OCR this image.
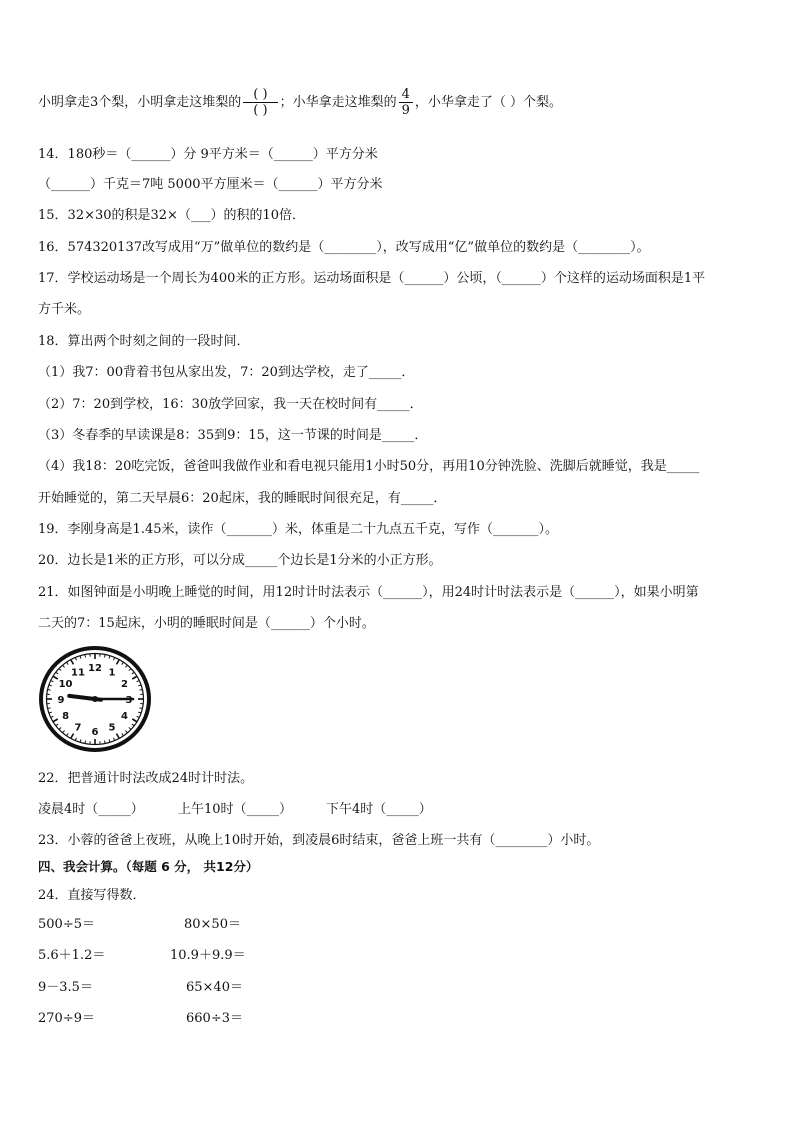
小明拿走3个梨，小明拿走这堆梨的 $\frac{( )}{( )}$ ；小华拿走这堆梨的 $\frac{4}{9}$ ，小华拿走了（ ）个梨。
14．180秒＝（______）分 9平方米＝（______）平方分米
（______）千克＝7吨 5000平方厘米＝（______）平方分米
15．32×30的积是32×（___）的积的10倍．
16．574320137改写成用“万”做单位的数约是（________），改写成用“亿”做单位的数约是（________）。
17．学校运动场是一个周长为400米的正方形。运动场面积是（______）公顷，（______）个这样的运动场面积是1平
方千米。
18．算出两个时刻之间的一段时间．
（1）我7：00背着书包从家出发，7：20到达学校，走了_____．
（2）7：20到学校，16：30放学回家，我一天在校时间有_____．
（3）冬春季的早读课是8：35到9：15，这一节课的时间是_____．
（4）我18：20吃完饭，爸爸叫我做作业和看电视只能用1小时50分，再用10分钟洗脸、洗脚后就睡觉，我是_____
开始睡觉的，第二天早晨6：20起床，我的睡眠时间很充足，有_____．
19．李刚身高是1.45米，读作（_______）米，体重是二十九点五千克，写作（_______）。
20．边长是1米的正方形，可以分成_____个边长是1分米的小正方形。
21．如图钟面是小明晚上睡觉的时间，用12时计时法表示（______），用24时计时法表示是（______），如果小明第
二天的7：15起床，小明的睡眠时间是（______）个小时。
12 1
2
3
4
5
6
7
8
9
10
11
22．把普通计时法改成24时计时法。
凌晨4时（_____）	上午10时（_____）	下午4时（_____）
23．小蓉的爸爸上夜班，从晚上10时开始，到凌晨6时结束，爸爸上班一共有（________）小时。
四、我会计算。（每题 6 分， 共12分）
24．直接写得数．
500÷5＝	80×50＝
5.6＋1.2＝	10.9＋9.9＝
9－3.5＝	65×40＝
270÷9＝	660÷3＝
